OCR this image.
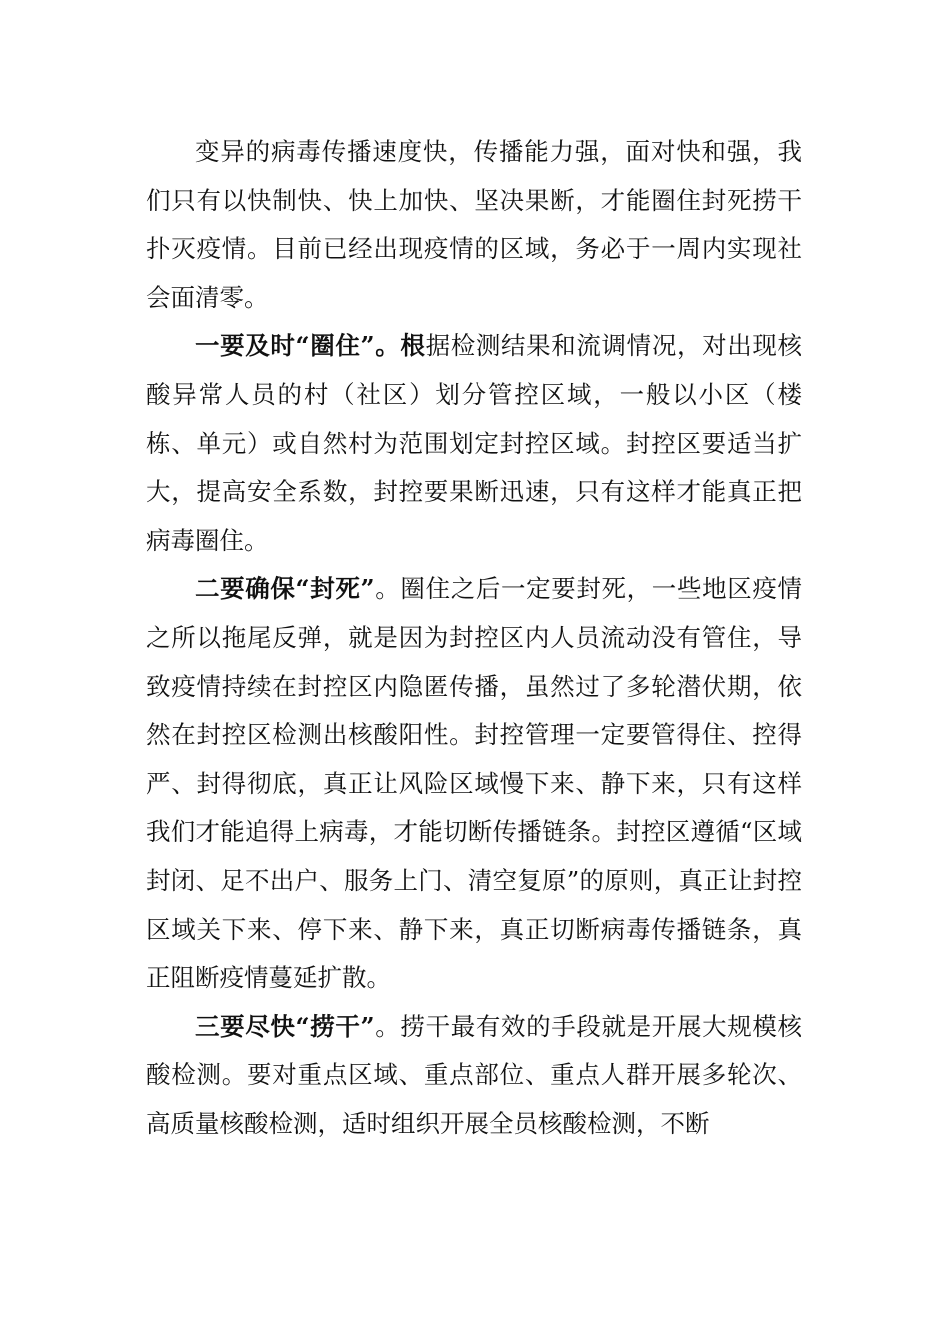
变异的病毒传播速度快，传播能力强，面对快和强，我们只有以快制快、快上加快、坚决果断，才能圈住封死捞干扑灭疫情。目前已经出现疫情的区域，务必于一周内实现社会面清零。

一要及时“圈住”。根据检测结果和流调情况，对出现核酸异常人员的村（社区）划分管控区域，一般以小区（楼栋、单元）或自然村为范围划定封控区域。封控区要适当扩大，提高安全系数，封控要果断迅速，只有这样才能真正把病毒圈住。

二要确保“封死”。圈住之后一定要封死，一些地区疫情之所以拖尾反弹，就是因为封控区内人员流动没有管住，导致疫情持续在封控区内隐匿传播，虽然过了多轮潜伏期，依然在封控区检测出核酸阳性。封控管理一定要管得住、控得严、封得彻底，真正让风险区域慢下来、静下来，只有这样我们才能追得上病毒，才能切断传播链条。封控区遵循“区域封闭、足不出户、服务上门、清空复原”的原则，真正让封控区域关下来、停下来、静下来，真正切断病毒传播链条，真正阻断疫情蔓延扩散。

三要尽快“捞干”。捞干最有效的手段就是开展大规模核酸检测。要对重点区域、重点部位、重点人群开展多轮次、高质量核酸检测，适时组织开展全员核酸检测，不断
